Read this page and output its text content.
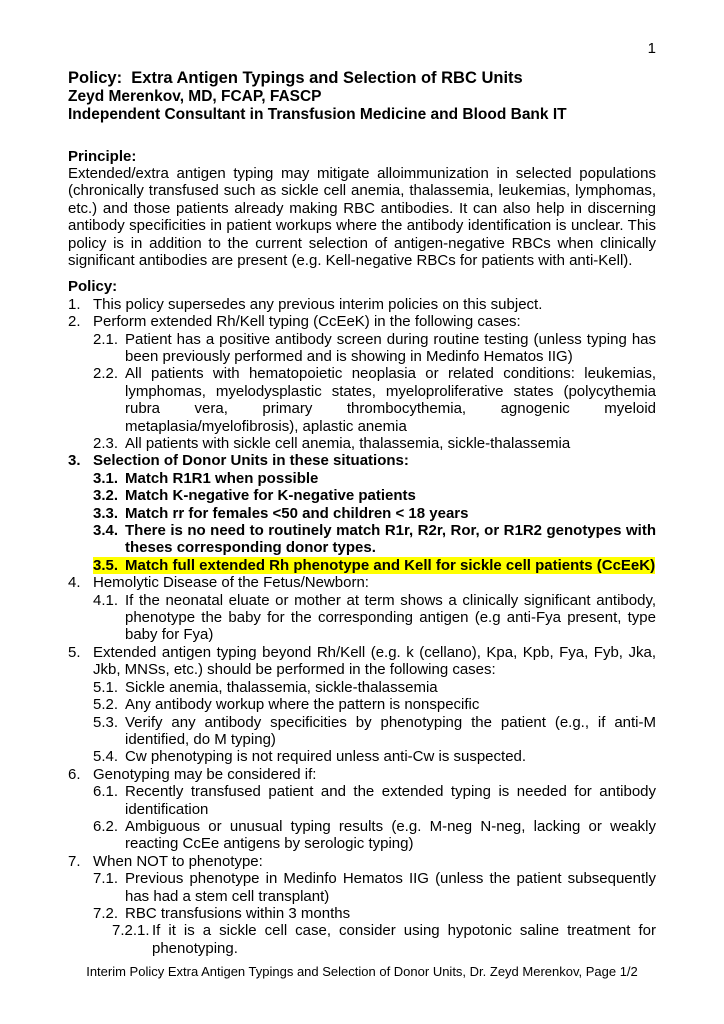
1
Policy:  Extra Antigen Typings and Selection of RBC Units
Zeyd Merenkov, MD, FCAP, FASCP
Independent Consultant in Transfusion Medicine and Blood Bank IT
Principle:
Extended/extra antigen typing may mitigate alloimmunization in selected populations (chronically transfused such as sickle cell anemia, thalassemia, leukemias, lymphomas, etc.) and those patients already making RBC antibodies. It can also help in discerning antibody specificities in patient workups where the antibody identification is unclear. This policy is in addition to the current selection of antigen-negative RBCs when clinically significant antibodies are present (e.g. Kell-negative RBCs for patients with anti-Kell).
Policy:
1. This policy supersedes any previous interim policies on this subject.
2. Perform extended Rh/Kell typing (CcEeK) in the following cases:
2.1. Patient has a positive antibody screen during routine testing (unless typing has been previously performed and is showing in Medinfo Hematos IIG)
2.2. All patients with hematopoietic neoplasia or related conditions: leukemias, lymphomas, myelodysplastic states, myeloproliferative states (polycythemia rubra vera, primary thrombocythemia, agnogenic myeloid metaplasia/myelofibrosis), aplastic anemia
2.3. All patients with sickle cell anemia, thalassemia, sickle-thalassemia
3. Selection of Donor Units in these situations:
3.1. Match R1R1 when possible
3.2. Match K-negative for K-negative patients
3.3. Match rr for females <50 and children < 18 years
3.4. There is no need to routinely match R1r, R2r, Ror, or R1R2 genotypes with theses corresponding donor types.
3.5. Match full extended Rh phenotype and Kell for sickle cell patients (CcEeK)
4. Hemolytic Disease of the Fetus/Newborn:
4.1. If the neonatal eluate or mother at term shows a clinically significant antibody, phenotype the baby for the corresponding antigen (e.g anti-Fya present, type baby for Fya)
5. Extended antigen typing beyond Rh/Kell (e.g. k (cellano), Kpa, Kpb, Fya, Fyb, Jka, Jkb, MNSs, etc.) should be performed in the following cases:
5.1. Sickle anemia, thalassemia, sickle-thalassemia
5.2. Any antibody workup where the pattern is nonspecific
5.3. Verify any antibody specificities by phenotyping the patient (e.g., if anti-M identified, do M typing)
5.4. Cw phenotyping is not required unless anti-Cw is suspected.
6. Genotyping may be considered if:
6.1. Recently transfused patient and the extended typing is needed for antibody identification
6.2. Ambiguous or unusual typing results (e.g. M-neg N-neg, lacking or weakly reacting CcEe antigens by serologic typing)
7. When NOT to phenotype:
7.1. Previous phenotype in Medinfo Hematos IIG (unless the patient subsequently has had a stem cell transplant)
7.2. RBC transfusions within 3 months
7.2.1. If it is a sickle cell case, consider using hypotonic saline treatment for phenotyping.
Interim Policy Extra Antigen Typings and Selection of Donor Units, Dr. Zeyd Merenkov, Page 1/2
